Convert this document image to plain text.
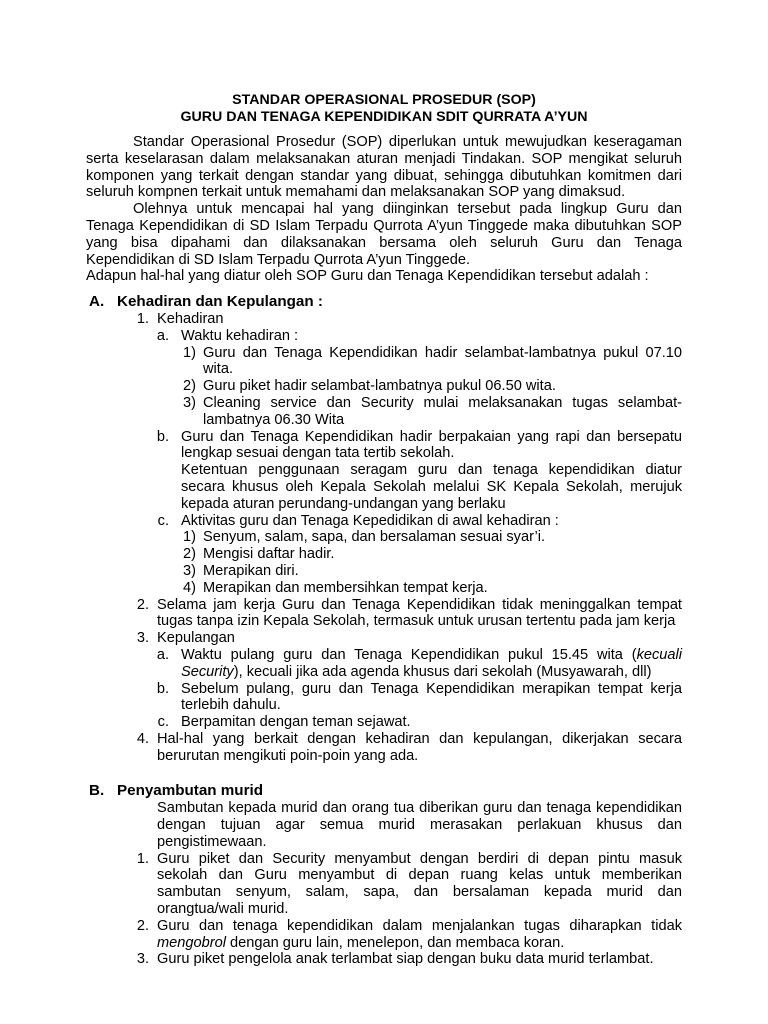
STANDAR OPERASIONAL PROSEDUR (SOP)
GURU DAN TENAGA KEPENDIDIKAN SDIT QURRATA A’YUN

Standar Operasional Prosedur (SOP) diperlukan untuk mewujudkan keseragaman serta keselarasan dalam melaksanakan aturan menjadi Tindakan. SOP mengikat seluruh komponen yang terkait dengan standar yang dibuat, sehingga dibutuhkan komitmen dari seluruh kompnen terkait untuk memahami dan melaksanakan SOP yang dimaksud.

Olehnya untuk mencapai hal yang diinginkan tersebut pada lingkup Guru dan Tenaga Kependidikan di SD Islam Terpadu Qurrota A’yun Tinggede maka dibutuhkan SOP yang bisa dipahami dan dilaksanakan bersama oleh seluruh Guru dan Tenaga Kependidikan di SD Islam Terpadu Qurrota A’yun Tinggede.

Adapun hal-hal yang diatur oleh SOP Guru dan Tenaga Kependidikan tersebut adalah :

A. Kehadiran dan Kepulangan :
1. Kehadiran
a. Waktu kehadiran :
1) Guru dan Tenaga Kependidikan hadir selambat-lambatnya pukul 07.10 wita.
2) Guru piket hadir selambat-lambatnya pukul 06.50 wita.
3) Cleaning service dan Security mulai melaksanakan tugas selambat-lambatnya 06.30 Wita
b. Guru dan Tenaga Kependidikan hadir berpakaian yang rapi dan bersepatu lengkap sesuai dengan tata tertib sekolah.

Ketentuan penggunaan seragam guru dan tenaga kependidikan diatur secara khusus oleh Kepala Sekolah melalui SK Kepala Sekolah, merujuk kepada aturan perundang-undangan yang berlaku

c. Aktivitas guru dan Tenaga Kepedidikan di awal kehadiran :
1) Senyum, salam, sapa, dan bersalaman sesuai syar’i.
2) Mengisi daftar hadir.
3) Merapikan diri.
4) Merapikan dan membersihkan tempat kerja.
2. Selama jam kerja Guru dan Tenaga Kependidikan tidak meninggalkan tempat tugas tanpa izin Kepala Sekolah, termasuk untuk urusan tertentu pada jam kerja
3. Kepulangan
a. Waktu pulang guru dan Tenaga Kependidikan pukul 15.45 wita (kecuali Security), kecuali jika ada agenda khusus dari sekolah (Musyawarah, dll)
b. Sebelum pulang, guru dan Tenaga Kependidikan merapikan tempat kerja terlebih dahulu.
c. Berpamitan dengan teman sejawat.
4. Hal-hal yang berkait dengan kehadiran dan kepulangan, dikerjakan secara berurutan mengikuti poin-poin yang ada.
B. Penyambutan murid

Sambutan kepada murid dan orang tua diberikan guru dan tenaga kependidikan dengan tujuan agar semua murid merasakan perlakuan khusus dan pengistimewaan.

1. Guru piket dan Security menyambut dengan berdiri di depan pintu masuk sekolah dan Guru menyambut di depan ruang kelas untuk memberikan sambutan senyum, salam, sapa, dan bersalaman kepada murid dan orangtua/wali murid.
2. Guru dan tenaga kependidikan dalam menjalankan tugas diharapkan tidak mengobrol dengan guru lain, menelepon, dan membaca koran.
3. Guru piket pengelola anak terlambat siap dengan buku data murid terlambat.
